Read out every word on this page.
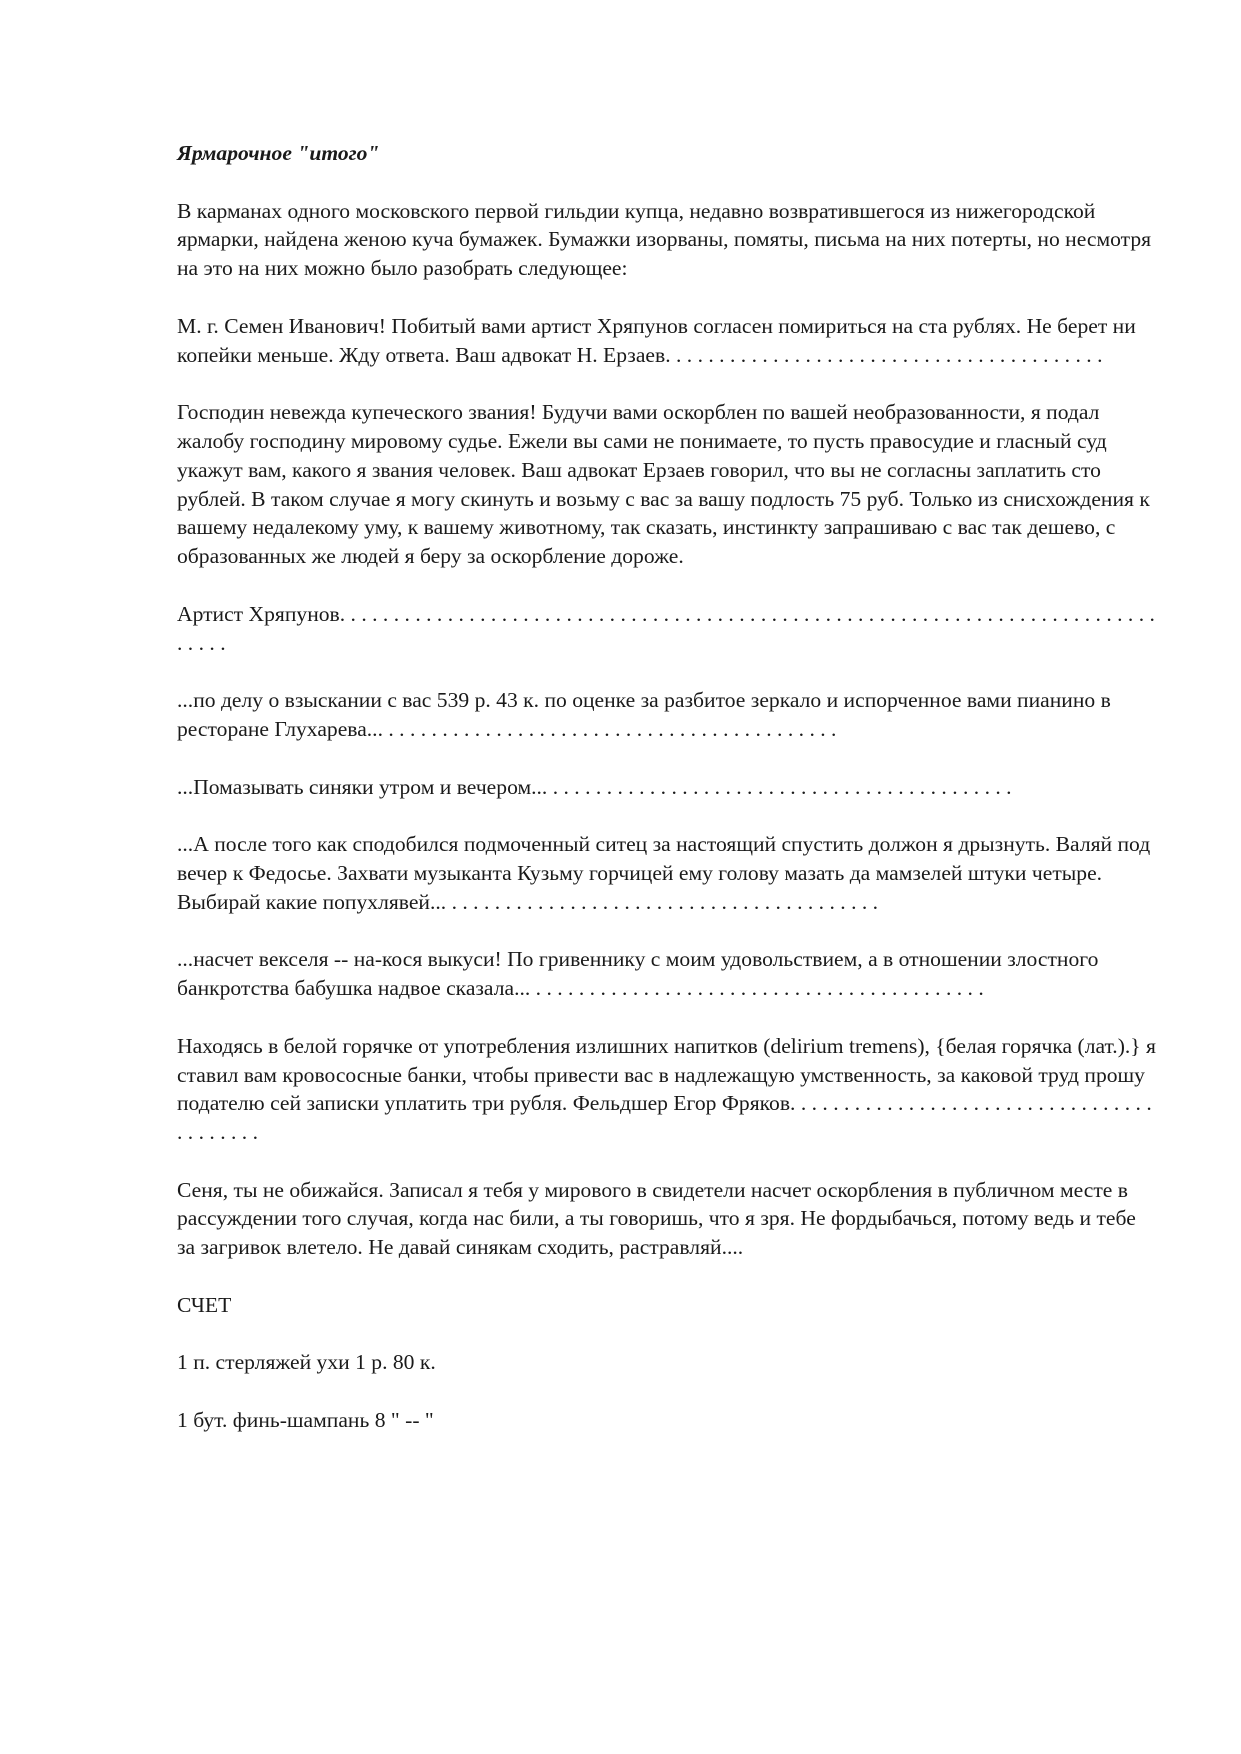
Ярмарочное "итого"

В карманах одного московского первой гильдии купца, недавно возвратившегося из нижегородской ярмарки, найдена женою куча бумажек. Бумажки изорваны, помяты, письма на них потерты, но несмотря на это на них можно было разобрать следующее:

М. г. Семен Иванович! Побитый вами артист Хряпунов согласен помириться на ста рублях. Не берет ни копейки меньше. Жду ответа. Ваш адвокат Н. Ерзаев. . . . . . . . . . . . . . . . . . . . . . . . . . . . . . . . . . . . . . . . .

Господин невежда купеческого звания! Будучи вами оскорблен по вашей необразованности, я подал жалобу господину мировому судье. Ежели вы сами не понимаете, то пусть правосудие и гласный суд укажут вам, какого я звания человек. Ваш адвокат Ерзаев говорил, что вы не согласны заплатить сто рублей. В таком случае я могу скинуть и возьму с вас за вашу подлость 75 руб. Только из снисхождения к вашему недалекому уму, к вашему животному, так сказать, инстинкту запрашиваю с вас так дешево, с образованных же людей я беру за оскорбление дороже.

Артист Хряпунов. . . . . . . . . . . . . . . . . . . . . . . . . . . . . . . . . . . . . . . . . . . . . . . . . . . . . . . . . . . . . . . . . . . . . . . . . . . . . . . . .

...по делу о взыскании с вас 539 р. 43 к. по оценке за разбитое зеркало и испорченное вами пианино в ресторане Глухарева... . . . . . . . . . . . . . . . . . . . . . . . . . . . . . . . . . . . . . . . . . .

...Помазывать синяки утром и вечером... . . . . . . . . . . . . . . . . . . . . . . . . . . . . . . . . . . . . . . . . . . .

...А после того как сподобился подмоченный ситец за настоящий спустить должон я дрызнуть. Валяй под вечер к Федосье. Захвати музыканта Кузьму горчицей ему голову мазать да мамзелей штуки четыре. Выбирай какие попухлявей... . . . . . . . . . . . . . . . . . . . . . . . . . . . . . . . . . . . . . . . .

...насчет векселя -- на-кося выкуси! По гривеннику с моим удовольствием, а в отношении злостного банкротства бабушка надвое сказала... . . . . . . . . . . . . . . . . . . . . . . . . . . . . . . . . . . . . . . . . . .

Находясь в белой горячке от употребления излишних напитков (delirium tremens), {белая горячка (лат.).} я ставил вам кровососные банки, чтобы привести вас в надлежащую умственность, за каковой труд прошу подателю сей записки уплатить три рубля. Фельдшер Егор Фряков. . . . . . . . . . . . . . . . . . . . . . . . . . . . . . . . . . . . . . . . . .

Сеня, ты не обижайся. Записал я тебя у мирового в свидетели насчет оскорбления в публичном месте в рассуждении того случая, когда нас били, а ты говоришь, что я зря. Не фордыбачься, потому ведь и тебе за загривок влетело. Не давай синякам сходить, растравляй....

СЧЕТ

1 п. стерляжей ухи 1 р. 80 к.

1 бут. финь-шампань 8 " -- "
